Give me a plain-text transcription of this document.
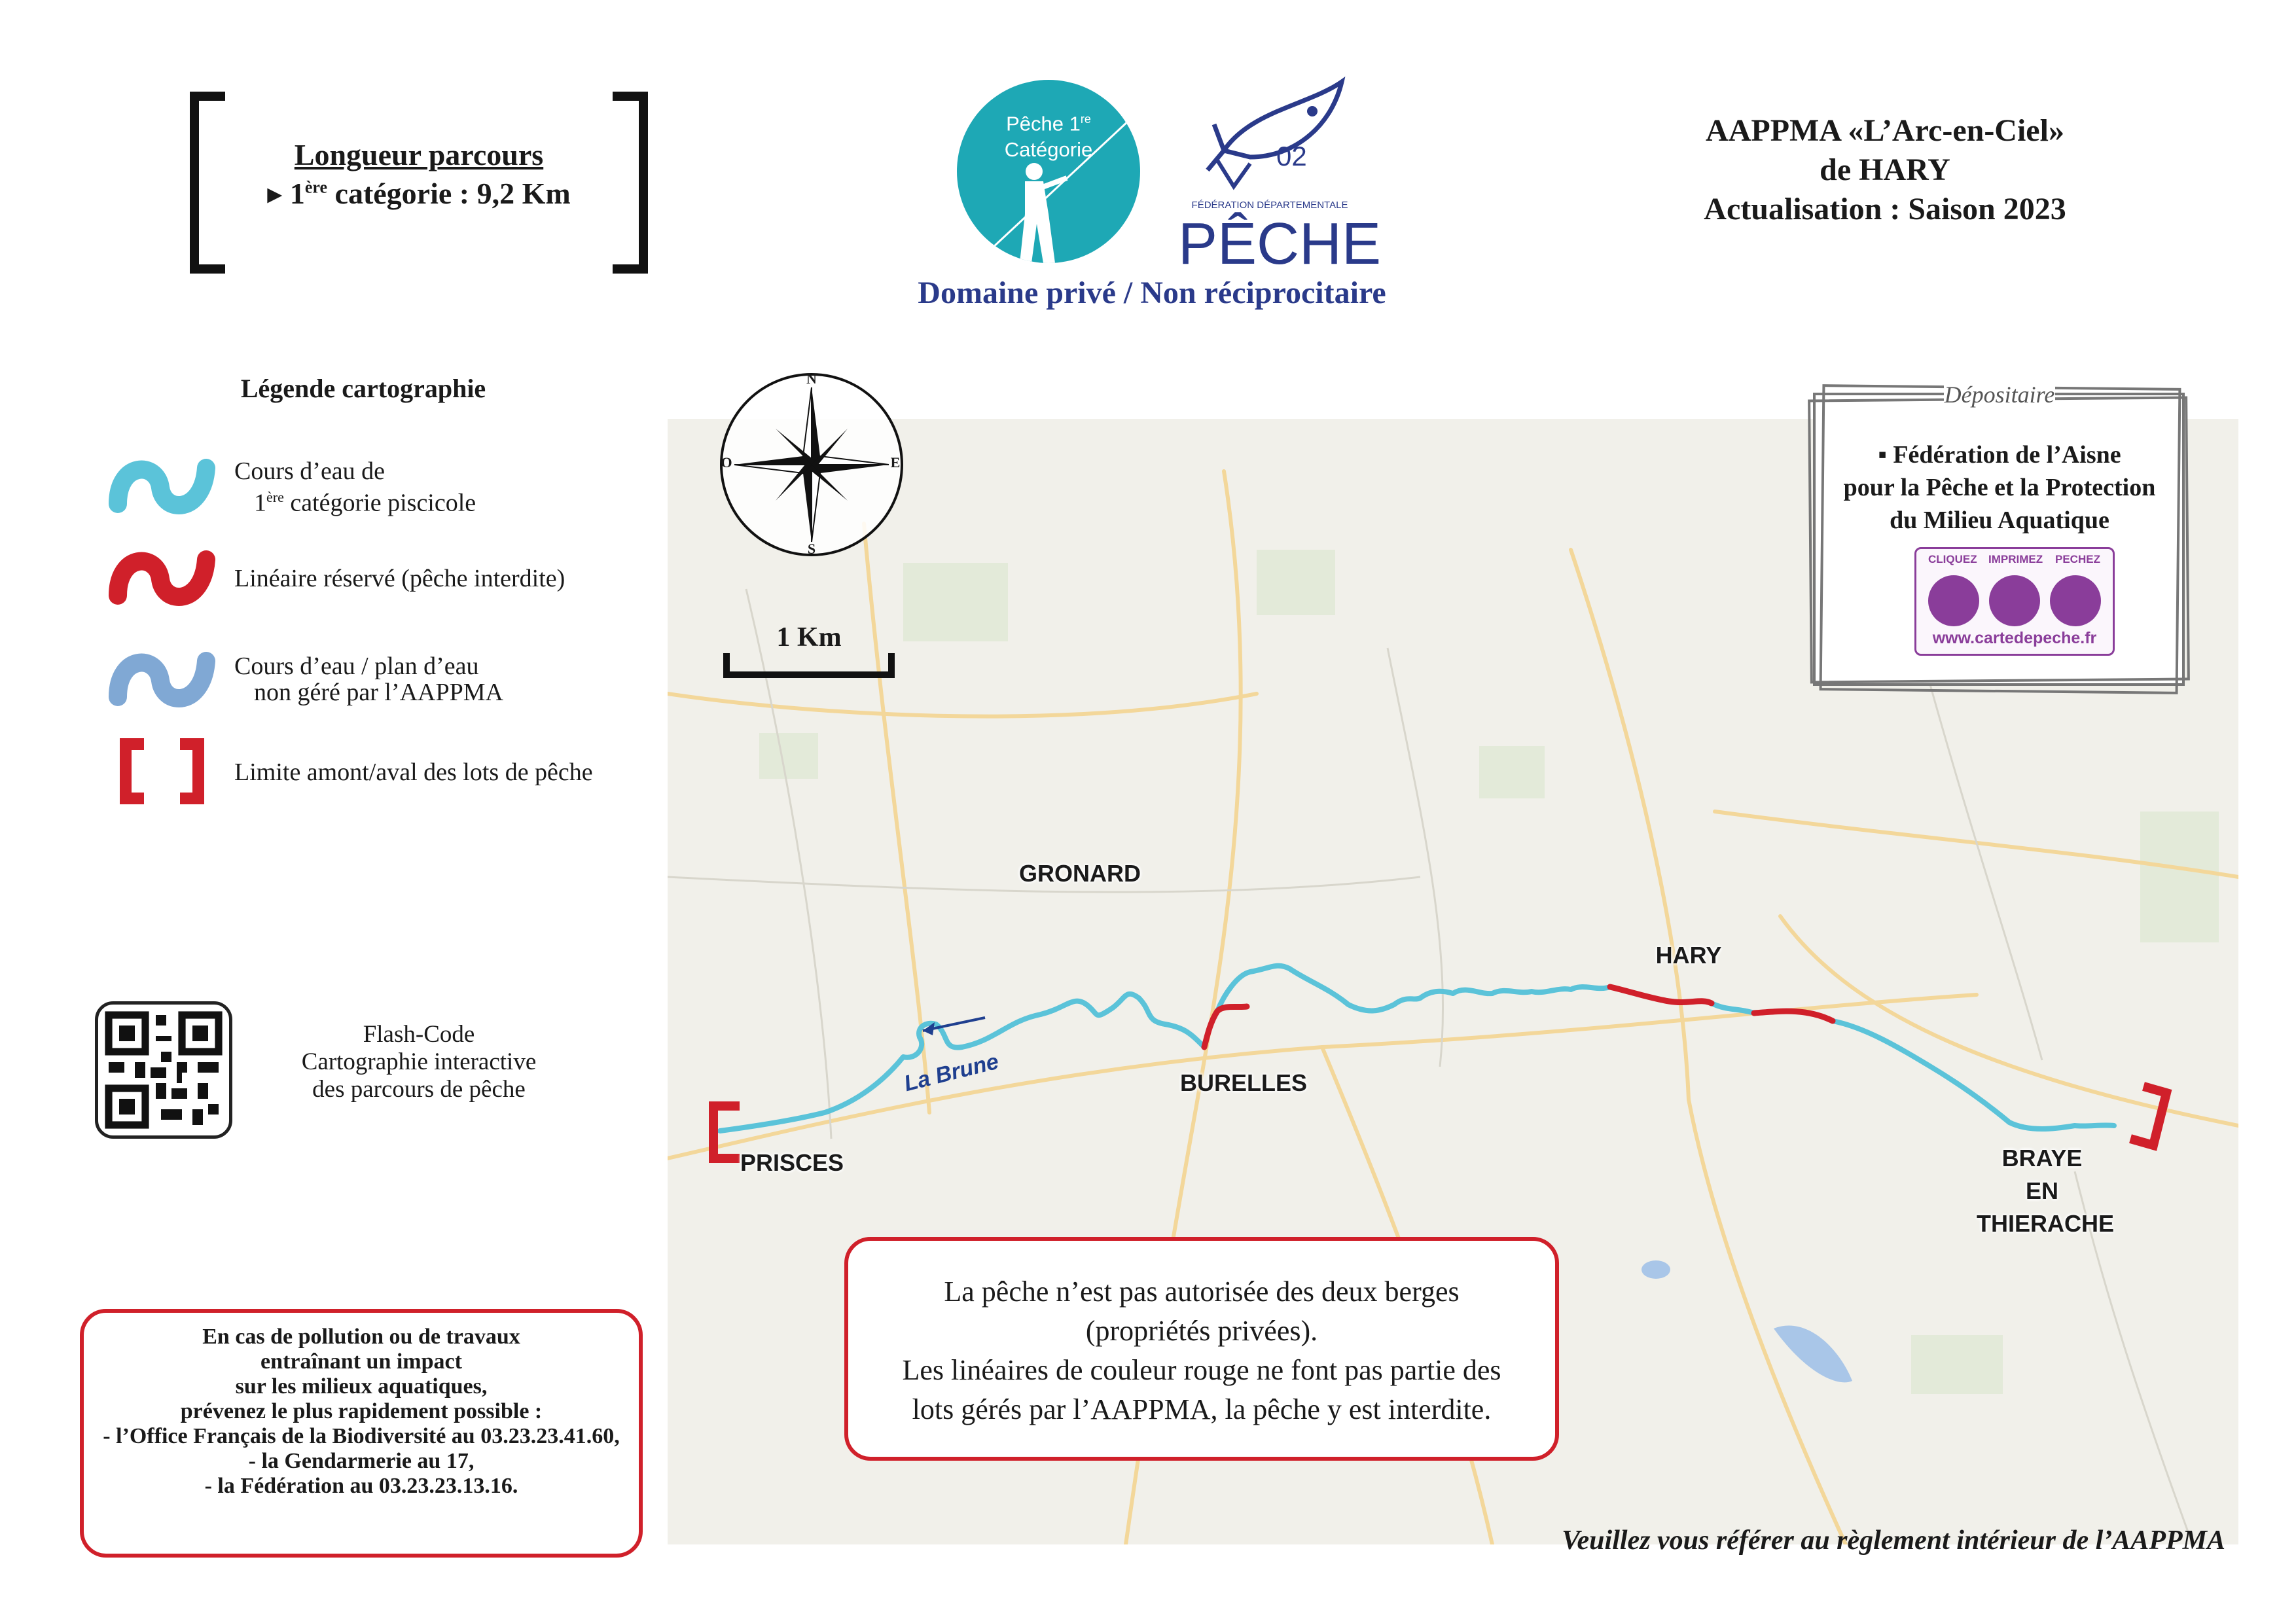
Longueur parcours
▸ 1ère catégorie : 9,2 Km
Pêche 1re
Catégorie	02
FÉDÉRATION DÉPARTEMENTALE
PÊCHE
Domaine privé / Non réciprocitaire
AAPPMA «L’Arc-en-Ciel»
de HARY
Actualisation : Saison 2023
Légende cartographie
Cours d’eau de
1ère catégorie piscicole
Linéaire réservé (pêche interdite)
Cours d’eau / plan d’eau
non géré par l’AAPPMA
Limite amont/aval des lots de pêche
Flash-Code
Cartographie interactive
des parcours de pêche
En cas de pollution ou de travaux
entraînant un impact
sur les milieux aquatiques,
prévenez le plus rapidement possible :
- l’Office Français de la Biodiversité au 03.23.23.41.60,
- la Gendarmerie au 17,
- la Fédération au 03.23.23.13.16.
GRONARD
HARY
BURELLES
PRISCES	BRAYE
EN
THIERACHE
La Brune
N
S
E
O
1 Km
Dépositaire
▪ Fédération de l’Aisne
pour la Pêche et la Protection
du Milieu Aquatique
CLIQUEZ IMPRIMEZ PECHEZ
www.cartedepeche.fr
La pêche n’est pas autorisée des deux berges
(propriétés privées).
Les linéaires de couleur rouge ne font pas partie des
lots gérés par l’AAPPMA, la pêche y est interdite.
Veuillez vous référer au règlement intérieur de l’AAPPMA
